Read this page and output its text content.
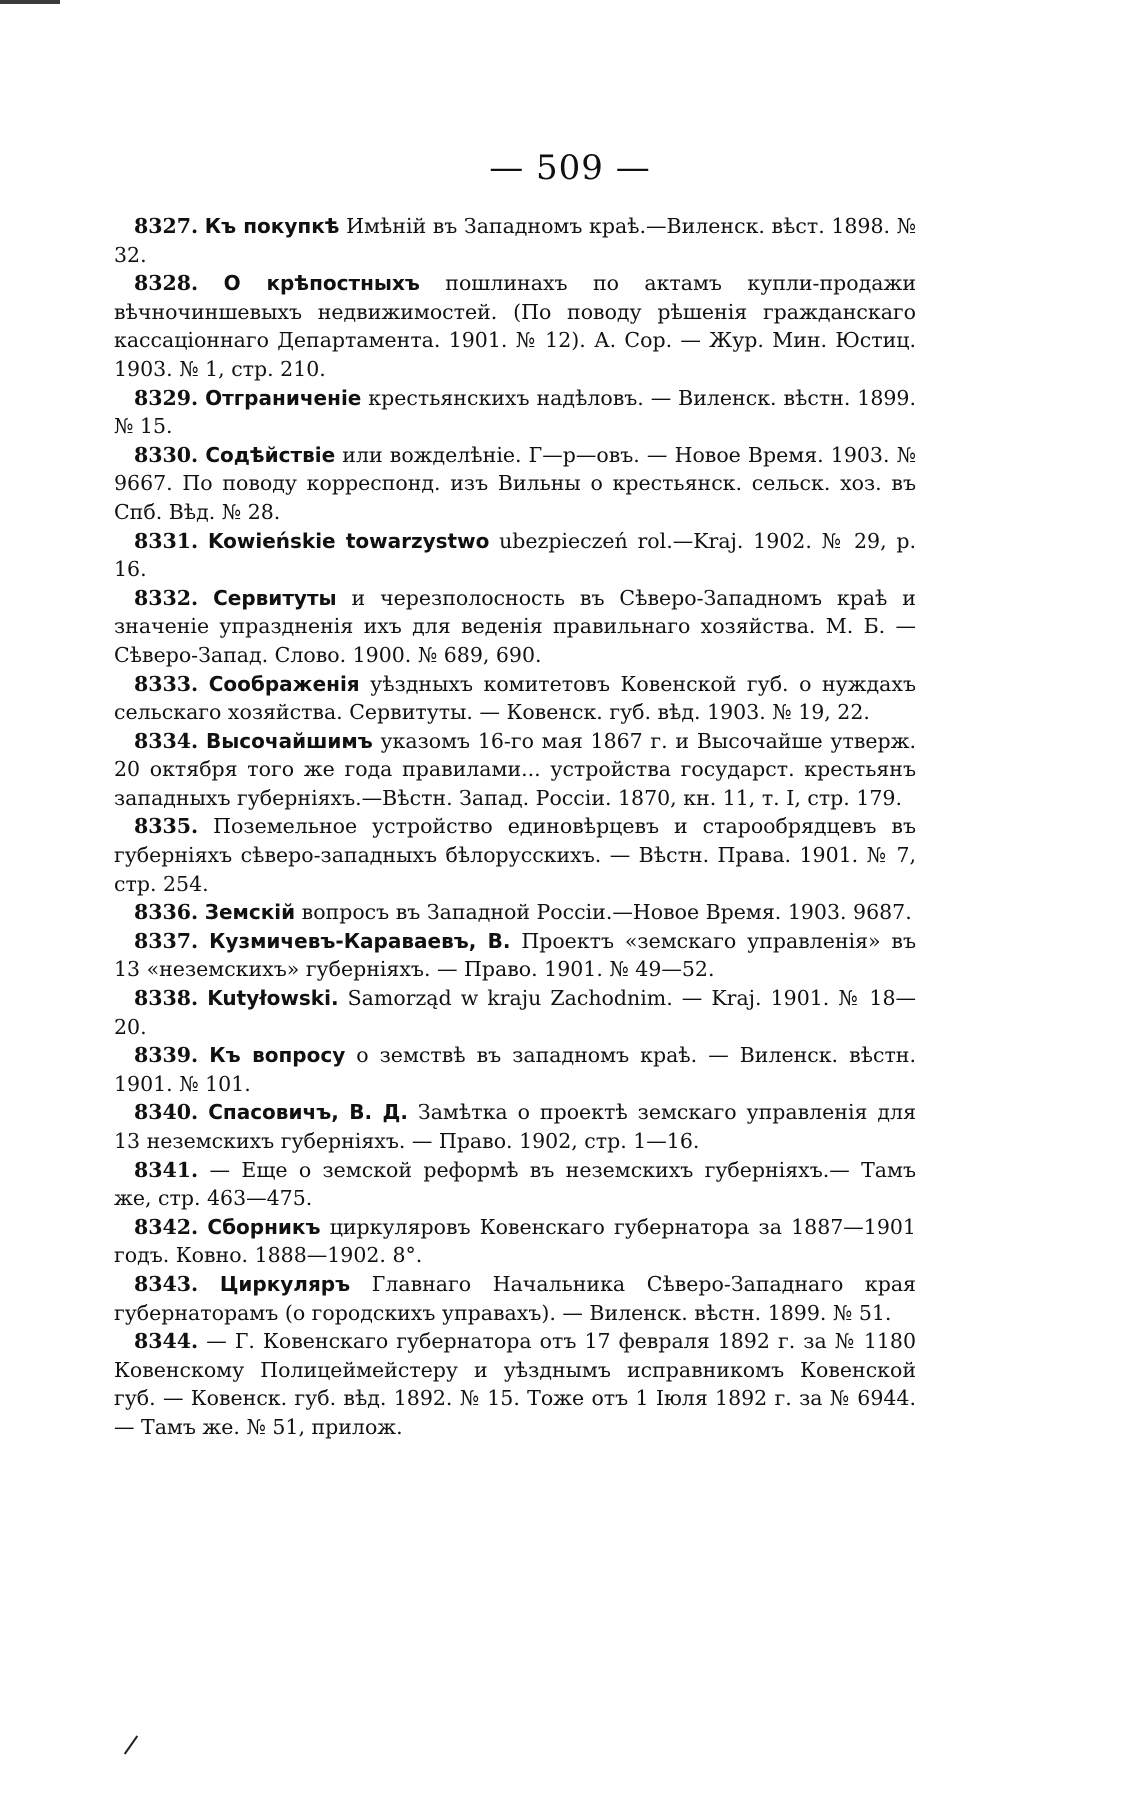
— 509 —

8327. Къ покупкѣ Имѣній въ Западномъ краѣ.—Виленск. вѣст. 1898. № 32.

8328. О крѣпостныхъ пошлинахъ по актамъ купли-продажи вѣчночиншевыхъ недвижимостей. (По поводу рѣшенія гражданскаго кассаціоннаго Департамента. 1901. № 12). А. Сор. — Жур. Мин. Юстиц. 1903. № 1, стр. 210.

8329. Отграниченіе крестьянскихъ надѣловъ. — Виленск. вѣстн. 1899. № 15.

8330. Содѣйствіе или вожделѣніе. Г—р—овъ. — Новое Время. 1903. № 9667. По поводу корреспонд. изъ Вильны о крестьянск. сельск. хоз. въ Спб. Вѣд. № 28.

8331. Kowieńskie towarzystwo ubezpieczeń rol.—Kraj. 1902. № 29, p. 16.

8332. Сервитуты и черезполосность въ Сѣверо-Западномъ краѣ и значеніе упраздненія ихъ для веденія правильнаго хозяйства. М. Б. — Сѣверо-Запад. Слово. 1900. № 689, 690.

8333. Соображенія уѣздныхъ комитетовъ Ковенской губ. о нуждахъ сельскаго хозяйства. Сервитуты. — Ковенск. губ. вѣд. 1903. № 19, 22.

8334. Высочайшимъ указомъ 16-го мая 1867 г. и Высочайше утверж. 20 октября того же года правилами... устройства государст. крестьянъ западныхъ губерніяхъ.—Вѣстн. Запад. Россіи. 1870, кн. 11, т. I, стр. 179.

8335. Поземельное устройство единовѣрцевъ и старообрядцевъ въ губерніяхъ сѣверо-западныхъ бѣлорусскихъ. — Вѣстн. Права. 1901. № 7, стр. 254.

8336. Земскій вопросъ въ Западной Россіи.—Новое Время. 1903. 9687.

8337. Кузмичевъ-Караваевъ, В. Проектъ «земскаго управленія» въ 13 «неземскихъ» губерніяхъ. — Право. 1901. № 49—52.

8338. Kutyłowski. Samorząd w kraju Zachodnim. — Kraj. 1901. № 18—20.

8339. Къ вопросу о земствѣ въ западномъ краѣ. — Виленск. вѣстн. 1901. № 101.

8340. Спасовичъ, В. Д. Замѣтка о проектѣ земскаго управленія для 13 неземскихъ губерніяхъ. — Право. 1902, стр. 1—16.

8341. — Еще о земской реформѣ въ неземскихъ губерніяхъ.— Тамъ же, стр. 463—475.

8342. Сборникъ циркуляровъ Ковенскаго губернатора за 1887—1901 годъ. Ковно. 1888—1902. 8°.

8343. Циркуляръ Главнаго Начальника Сѣверо-Западнаго края губернаторамъ (о городскихъ управахъ). — Виленск. вѣстн. 1899. № 51.

8344. — Г. Ковенскаго губернатора отъ 17 февраля 1892 г. за № 1180 Ковенскому Полицеймейстеру и уѣзднымъ исправникомъ Ковенской губ. — Ковенск. губ. вѣд. 1892. № 15. Тоже отъ 1 Іюля 1892 г. за № 6944. — Тамъ же. № 51, прилож.
